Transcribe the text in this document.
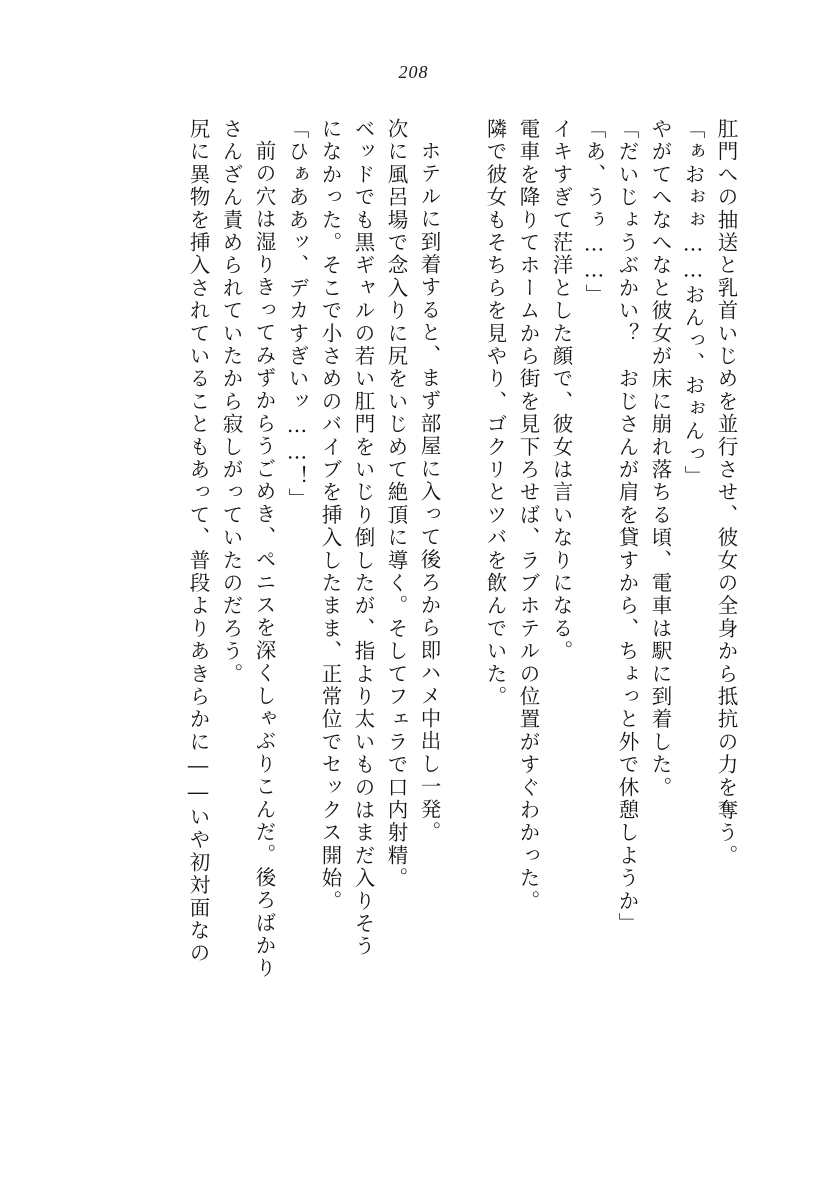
208
肛門への抽送と乳首いじめを並行させ、彼女の全身から抵抗の力を奪う。
「ぁおぉぉ……おんっ、おぉんっ」
やがてへなへなと彼女が床に崩れ落ちる頃、電車は駅に到着した。
「だいじょうぶかい？　おじさんが肩を貸すから、ちょっと外で休憩しようか」
「あ、うぅ……」
イキすぎて茫洋とした顔で、彼女は言いなりになる。
電車を降りてホームから街を見下ろせば、ラブホテルの位置がすぐわかった。
隣で彼女もそちらを見やり、ゴクリとツバを飲んでいた。
ホテルに到着すると、まず部屋に入って後ろから即ハメ中出し一発。
次に風呂場で念入りに尻をいじめて絶頂に導く。そしてフェラで口内射精。
ベッドでも黒ギャルの若い肛門をいじり倒したが、指より太いものはまだ入りそう
になかった。そこで小さめのバイブを挿入したまま、正常位でセックス開始。
「ひぁああッ、デカすぎいッ……！」
前の穴は湿りきってみずからうごめき、ペニスを深くしゃぶりこんだ。後ろばかり
さんざん責められていたから寂しがっていたのだろう。
尻に異物を挿入されていることもあって、普段よりあきらかに――いや初対面なの
